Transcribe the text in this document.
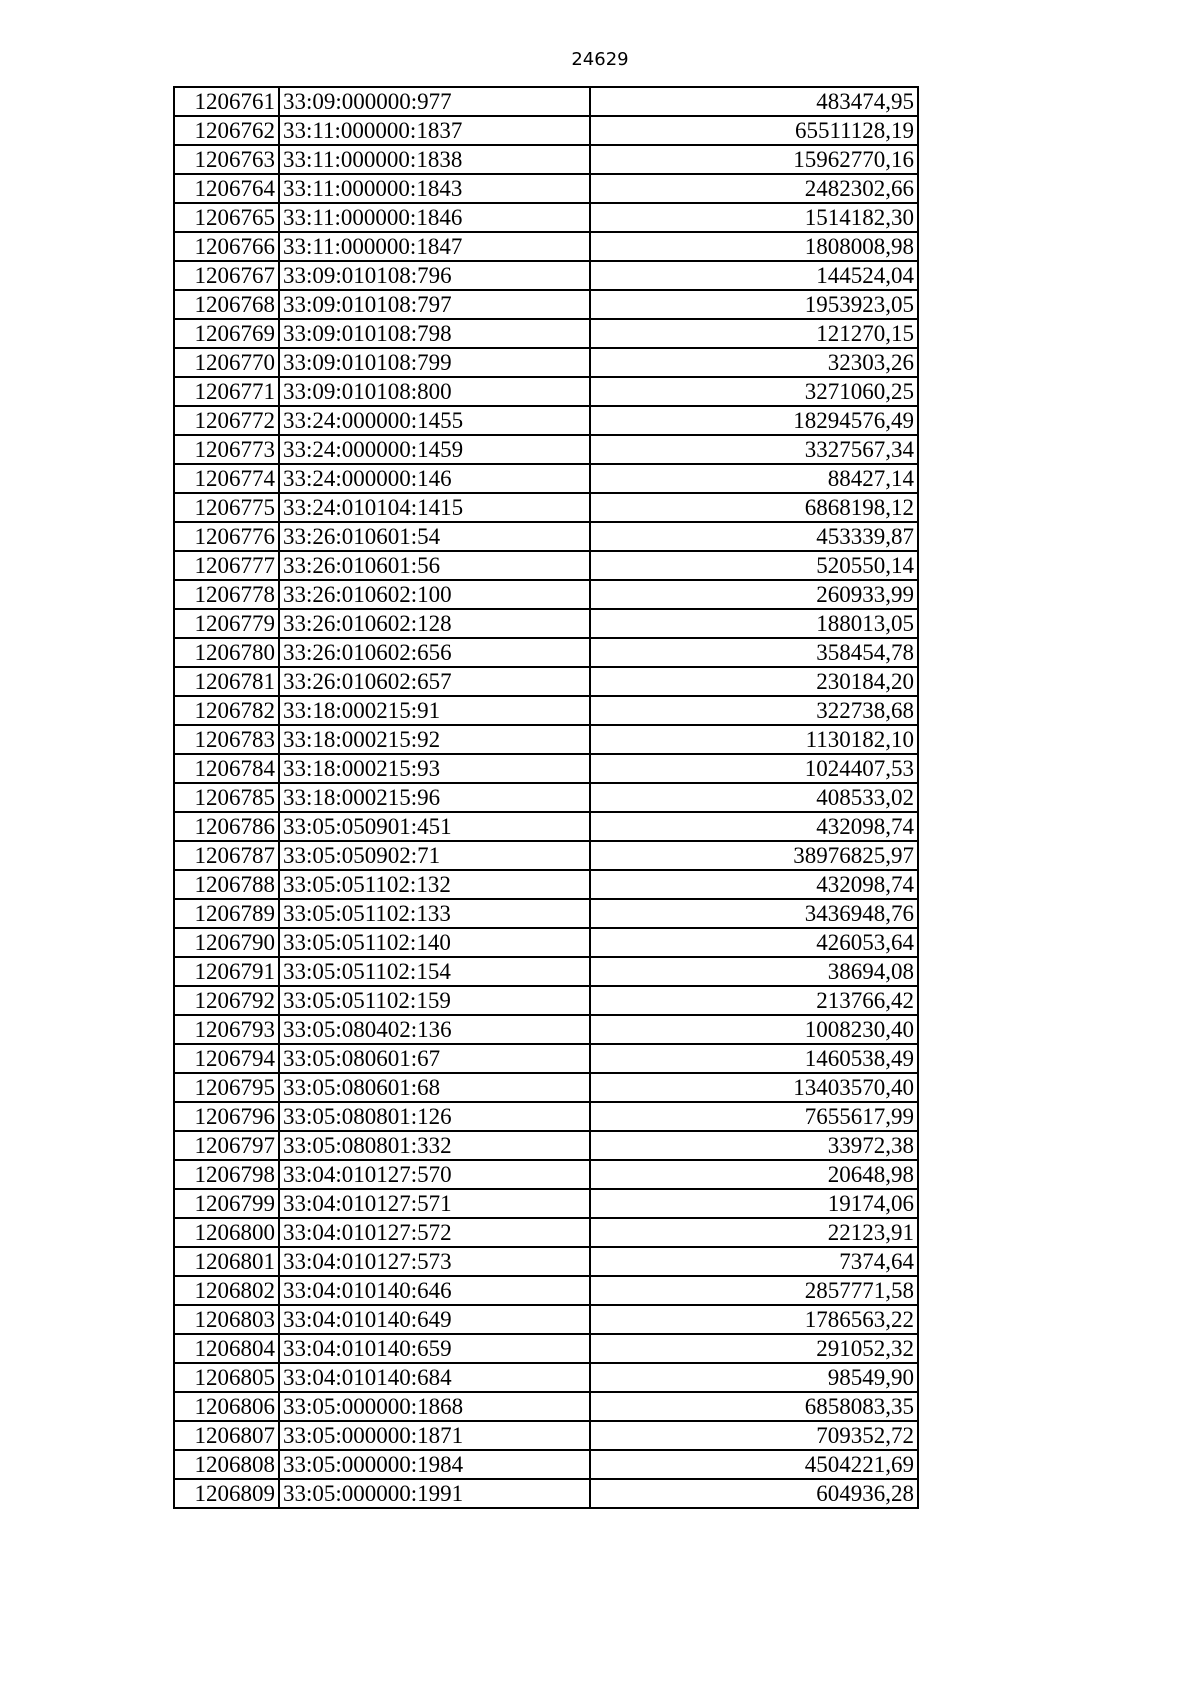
24629
1206761	33:09:000000:977	483474,95
1206762	33:11:000000:1837	65511128,19
1206763	33:11:000000:1838	15962770,16
1206764	33:11:000000:1843	2482302,66
1206765	33:11:000000:1846	1514182,30
1206766	33:11:000000:1847	1808008,98
1206767	33:09:010108:796	144524,04
1206768	33:09:010108:797	1953923,05
1206769	33:09:010108:798	121270,15
1206770	33:09:010108:799	32303,26
1206771	33:09:010108:800	3271060,25
1206772	33:24:000000:1455	18294576,49
1206773	33:24:000000:1459	3327567,34
1206774	33:24:000000:146	88427,14
1206775	33:24:010104:1415	6868198,12
1206776	33:26:010601:54	453339,87
1206777	33:26:010601:56	520550,14
1206778	33:26:010602:100	260933,99
1206779	33:26:010602:128	188013,05
1206780	33:26:010602:656	358454,78
1206781	33:26:010602:657	230184,20
1206782	33:18:000215:91	322738,68
1206783	33:18:000215:92	1130182,10
1206784	33:18:000215:93	1024407,53
1206785	33:18:000215:96	408533,02
1206786	33:05:050901:451	432098,74
1206787	33:05:050902:71	38976825,97
1206788	33:05:051102:132	432098,74
1206789	33:05:051102:133	3436948,76
1206790	33:05:051102:140	426053,64
1206791	33:05:051102:154	38694,08
1206792	33:05:051102:159	213766,42
1206793	33:05:080402:136	1008230,40
1206794	33:05:080601:67	1460538,49
1206795	33:05:080601:68	13403570,40
1206796	33:05:080801:126	7655617,99
1206797	33:05:080801:332	33972,38
1206798	33:04:010127:570	20648,98
1206799	33:04:010127:571	19174,06
1206800	33:04:010127:572	22123,91
1206801	33:04:010127:573	7374,64
1206802	33:04:010140:646	2857771,58
1206803	33:04:010140:649	1786563,22
1206804	33:04:010140:659	291052,32
1206805	33:04:010140:684	98549,90
1206806	33:05:000000:1868	6858083,35
1206807	33:05:000000:1871	709352,72
1206808	33:05:000000:1984	4504221,69
1206809	33:05:000000:1991	604936,28
